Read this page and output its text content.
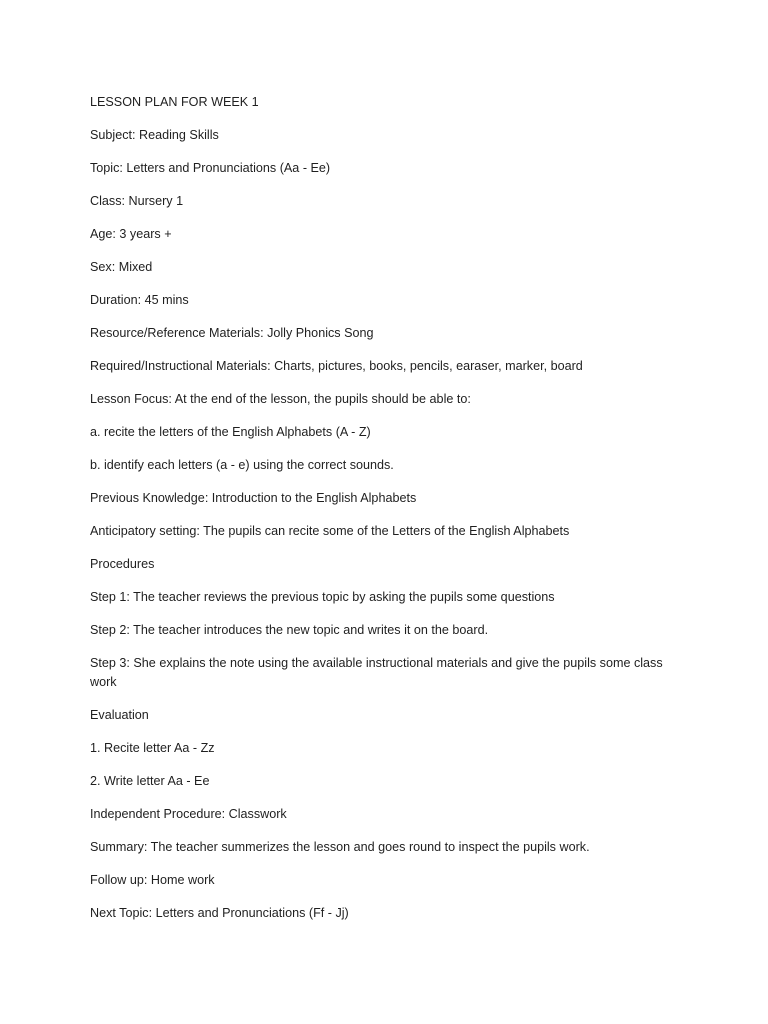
LESSON PLAN FOR WEEK 1

Subject: Reading Skills

Topic: Letters and Pronunciations (Aa - Ee)

Class: Nursery 1

Age: 3 years +

Sex: Mixed

Duration: 45 mins

Resource/Reference Materials: Jolly Phonics Song

Required/Instructional Materials: Charts, pictures, books, pencils, earaser, marker, board

Lesson Focus: At the end of the lesson, the pupils should be able to:

a. recite the letters of the English Alphabets (A - Z)

b. identify each letters (a - e) using the correct sounds.

Previous Knowledge: Introduction to the English Alphabets

Anticipatory setting: The pupils can recite some of the Letters of the English Alphabets

Procedures

Step 1: The teacher reviews the previous topic by asking the pupils some questions

Step 2: The teacher introduces the new topic and writes it on the board.

Step 3: She explains the note using the available instructional materials and give the pupils some class work

Evaluation

1. Recite letter Aa - Zz

2. Write letter Aa - Ee

Independent Procedure: Classwork

Summary: The teacher summerizes the lesson and goes round to inspect the pupils work.

Follow up: Home work

Next Topic: Letters and Pronunciations (Ff - Jj)
